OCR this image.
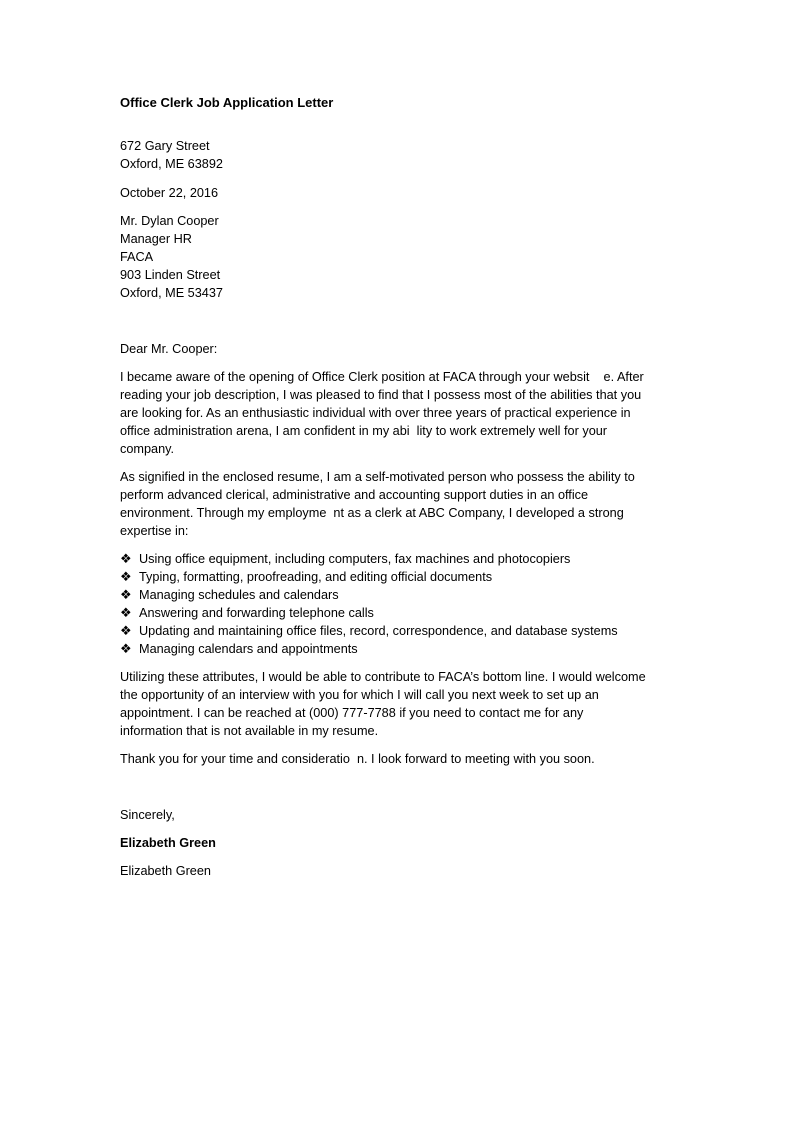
Office Clerk Job Application Letter
672 Gary Street
Oxford, ME 63892
October 22, 2016
Mr. Dylan Cooper
Manager HR
FACA
903 Linden Street
Oxford, ME 53437
Dear Mr. Cooper:
I became aware of the opening of Office Clerk position at FACA through your websit    e. After
reading your job description, I was pleased to find that I possess most of the abilities that you
are looking for. As an enthusiastic individual with over three years of practical experience in
office administration arena, I am confident in my abi  lity to work extremely well for your
company.
As signified in the enclosed resume, I am a self-motivated person who possess the ability to
perform advanced clerical, administrative and accounting support duties in an office
environment. Through my employme  nt as a clerk at ABC Company, I developed a strong
expertise in:
❖ Using office equipment, including computers, fax machines and photocopiers
❖ Typing, formatting, proofreading, and editing official documents
❖ Managing schedules and calendars
❖ Answering and forwarding telephone calls
❖ Updating and maintaining office files, record, correspondence, and database systems
❖ Managing calendars and appointments
Utilizing these attributes, I would be able to contribute to FACA’s bottom line. I would welcome
the opportunity of an interview with you for which I will call you next week to set up an
appointment. I can be reached at (000) 777-7788 if you need to contact me for any
information that is not available in my resume.
Thank you for your time and consideratio  n. I look forward to meeting with you soon.
Sincerely,
Elizabeth Green
Elizabeth Green
